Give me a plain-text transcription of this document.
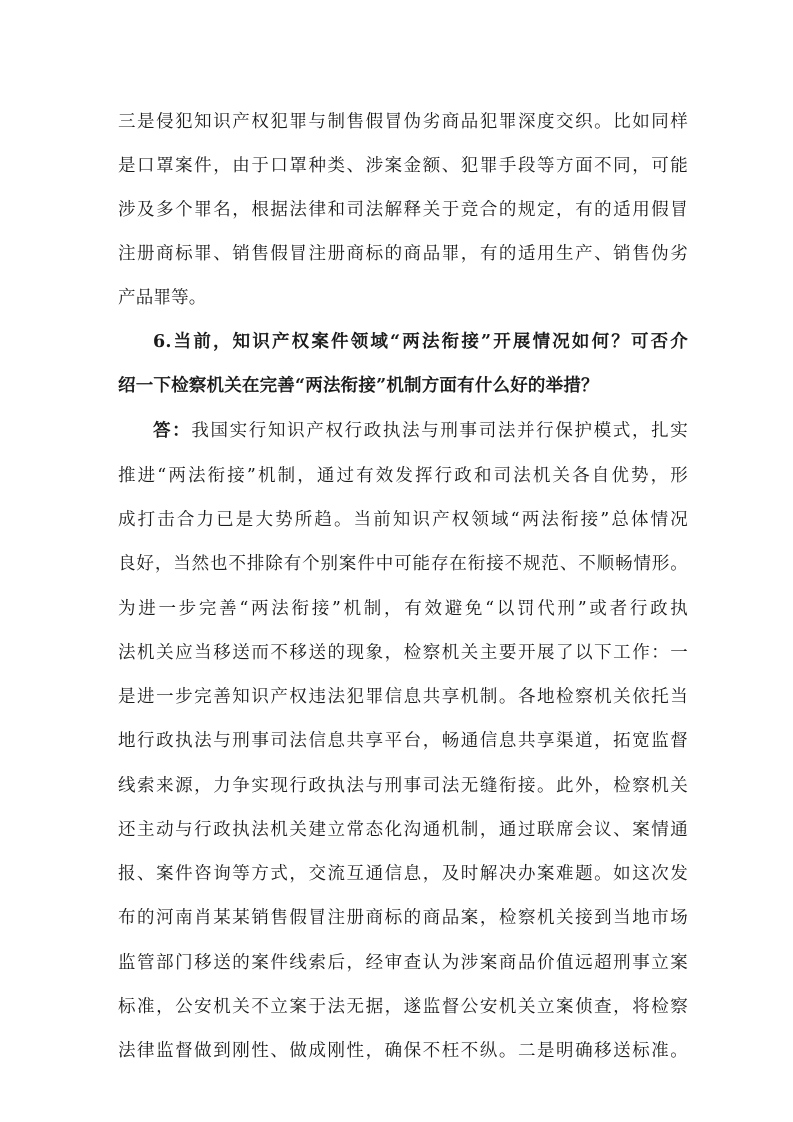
三是侵犯知识产权犯罪与制售假冒伪劣商品犯罪深度交织。比如同样
是口罩案件，由于口罩种类、涉案金额、犯罪手段等方面不同，可能
涉及多个罪名，根据法律和司法解释关于竞合的规定，有的适用假冒
注册商标罪、销售假冒注册商标的商品罪，有的适用生产、销售伪劣
产品罪等。
6.当前，知识产权案件领域“两法衔接”开展情况如何？可否介
绍一下检察机关在完善“两法衔接”机制方面有什么好的举措？
答：我国实行知识产权行政执法与刑事司法并行保护模式，扎实
推进“两法衔接”机制，通过有效发挥行政和司法机关各自优势，形
成打击合力已是大势所趋。当前知识产权领域“两法衔接”总体情况
良好，当然也不排除有个别案件中可能存在衔接不规范、不顺畅情形。
为进一步完善“两法衔接”机制，有效避免“以罚代刑”或者行政执
法机关应当移送而不移送的现象，检察机关主要开展了以下工作：一
是进一步完善知识产权违法犯罪信息共享机制。各地检察机关依托当
地行政执法与刑事司法信息共享平台，畅通信息共享渠道，拓宽监督
线索来源，力争实现行政执法与刑事司法无缝衔接。此外，检察机关
还主动与行政执法机关建立常态化沟通机制，通过联席会议、案情通
报、案件咨询等方式，交流互通信息，及时解决办案难题。如这次发
布的河南肖某某销售假冒注册商标的商品案，检察机关接到当地市场
监管部门移送的案件线索后，经审查认为涉案商品价值远超刑事立案
标准，公安机关不立案于法无据，遂监督公安机关立案侦查，将检察
法律监督做到刚性、做成刚性，确保不枉不纵。二是明确移送标准。
